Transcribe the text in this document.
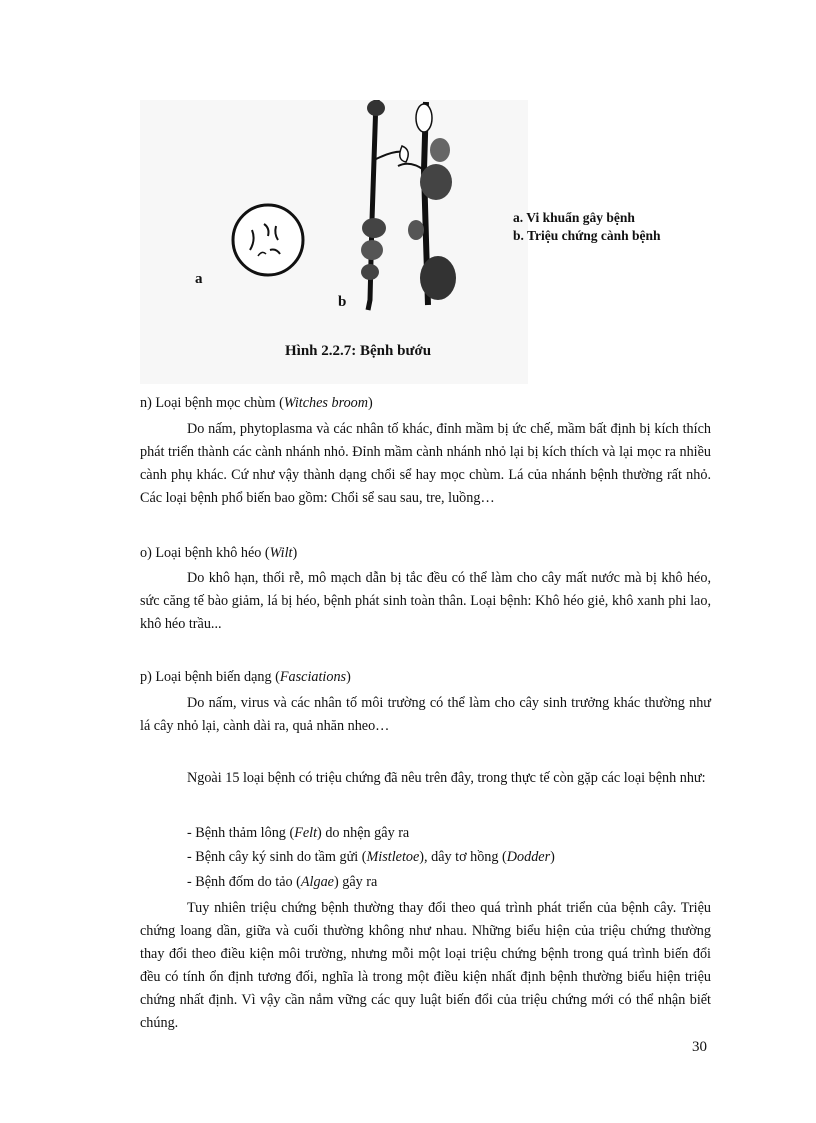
a
b
Hình 2.2.7: Bệnh bướu
a. Vi khuẩn gây bệnh
b. Triệu chứng cành bệnh
n) Loại bệnh mọc chùm (Witches broom)

Do nấm, phytoplasma và các nhân tố khác, đỉnh mầm bị ức chế, mầm bất định bị kích thích phát triển thành các cành nhánh nhỏ. Đỉnh mầm cành nhánh nhỏ lại bị kích thích và lại mọc ra nhiều cành phụ khác. Cứ như vậy thành dạng chổi sể hay mọc chùm. Lá của nhánh bệnh thường rất nhỏ. Các loại bệnh phổ biến bao gồm: Chổi sể sau sau, tre, luồng…

o) Loại bệnh khô héo (Wilt)

Do khô hạn, thối rễ, mô mạch dẫn bị tắc đều có thể làm cho cây mất nước mà bị khô héo, sức căng tế bào giảm, lá bị héo, bệnh phát sinh toàn thân. Loại bệnh: Khô héo giẻ, khô xanh phi lao, khô héo trầu...

p) Loại bệnh biến dạng (Fasciations)

Do nấm, virus và các nhân tố môi trường có thể làm cho cây sinh trưởng khác thường như lá cây nhỏ lại, cành dài ra, quả nhăn nheo…

Ngoài 15 loại bệnh có triệu chứng đã nêu trên đây, trong thực tế còn gặp các loại bệnh như:

- Bệnh thảm lông (Felt) do nhện gây ra
- Bệnh cây ký sinh do tầm gửi (Mistletoe), dây tơ hồng (Dodder)
- Bệnh đốm do tảo (Algae) gây ra

Tuy nhiên triệu chứng bệnh thường thay đổi theo quá trình phát triển của bệnh cây. Triệu chứng loang dần, giữa và cuối thường không như nhau. Những biểu hiện của triệu chứng thường thay đổi theo điều kiện môi trường, nhưng mỗi một loại triệu chứng bệnh trong quá trình biến đổi đều có tính ổn định tương đối, nghĩa là trong một điều kiện nhất định bệnh thường biểu hiện triệu chứng nhất định. Vì vậy cần nắm vững các quy luật biến đổi của triệu chứng mới có thể nhận biết chúng.

30
